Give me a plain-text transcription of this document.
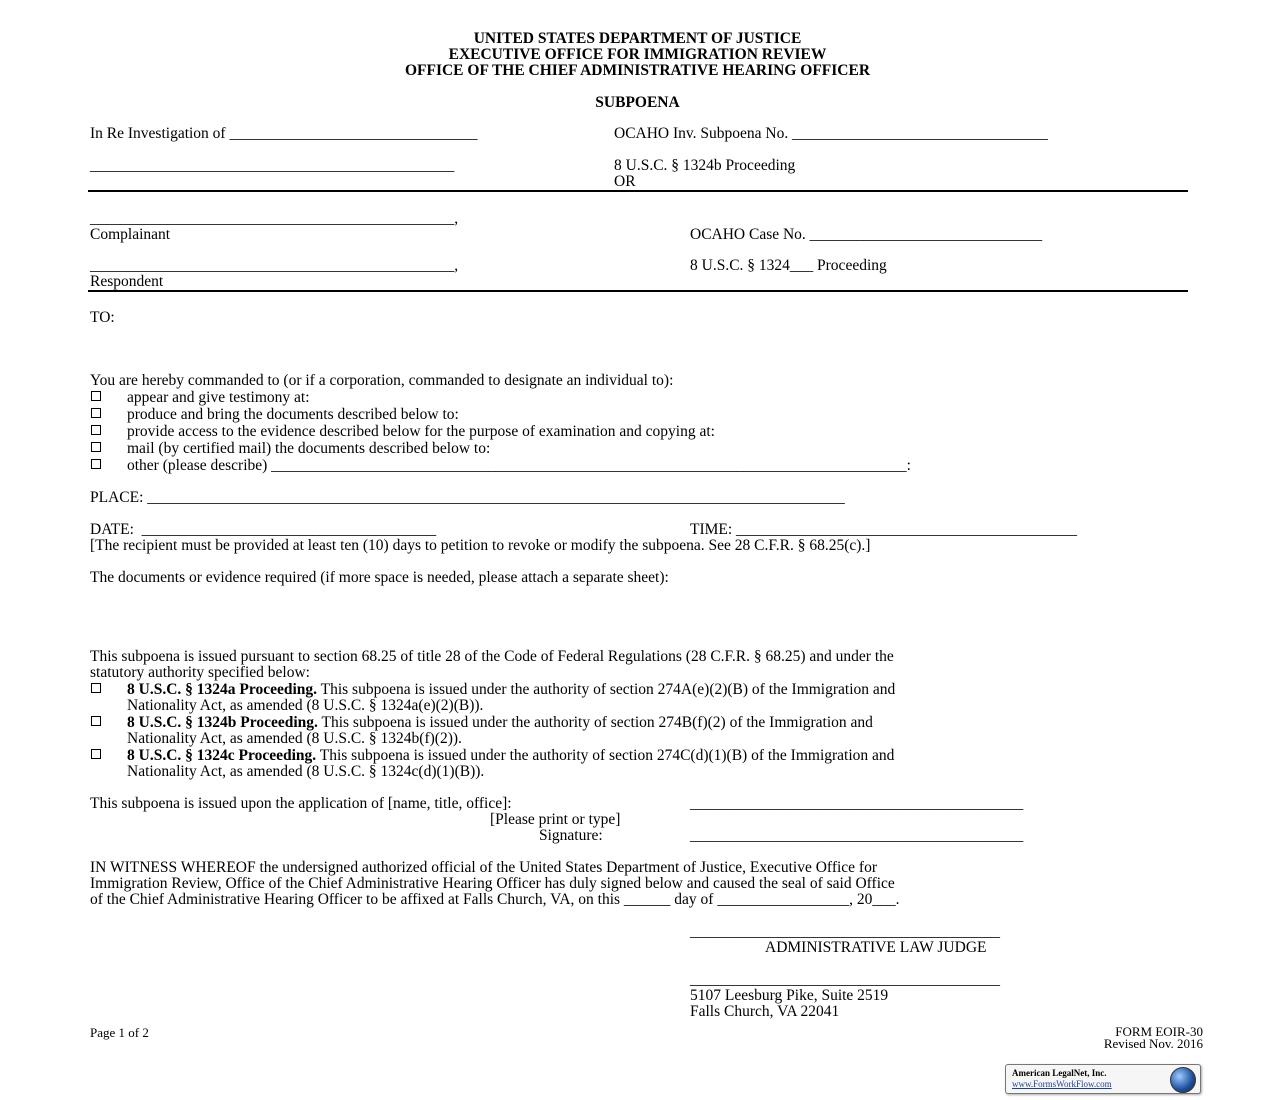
UNITED STATES DEPARTMENT OF JUSTICE
EXECUTIVE OFFICE FOR IMMIGRATION REVIEW
OFFICE OF THE CHIEF ADMINISTRATIVE HEARING OFFICER
SUBPOENA
In Re Investigation of ________________________________	OCAHO Inv. Subpoena No. _________________________________
_______________________________________________	8 U.S.C. § 1324b Proceeding
OR
_______________________________________________,
Complainant	OCAHO Case No. ______________________________
_______________________________________________,	8 U.S.C. § 1324___ Proceeding
Respondent
TO:
You are hereby commanded to (or if a corporation, commanded to designate an individual to):
appear and give testimony at:
produce and bring the documents described below to:
provide access to the evidence described below for the purpose of examination and copying at:
mail (by certified mail) the documents described below to:
other (please describe) __________________________________________________________________________________:
PLACE: __________________________________________________________________________________________
DATE:  ______________________________________	TIME: ____________________________________________
[The recipient must be provided at least ten (10) days to petition to revoke or modify the subpoena. See 28 C.F.R. § 68.25(c).]
The documents or evidence required (if more space is needed, please attach a separate sheet):
This subpoena is issued pursuant to section 68.25 of title 28 of the Code of Federal Regulations (28 C.F.R. § 68.25) and under the
statutory authority specified below:
8 U.S.C. § 1324a Proceeding. This subpoena is issued under the authority of section 274A(e)(2)(B) of the Immigration and
Nationality Act, as amended (8 U.S.C. § 1324a(e)(2)(B)).
8 U.S.C. § 1324b Proceeding. This subpoena is issued under the authority of section 274B(f)(2) of the Immigration and
Nationality Act, as amended (8 U.S.C. § 1324b(f)(2)).
8 U.S.C. § 1324c Proceeding. This subpoena is issued under the authority of section 274C(d)(1)(B) of the Immigration and
Nationality Act, as amended (8 U.S.C. § 1324c(d)(1)(B)).
This subpoena is issued upon the application of [name, title, office]:	___________________________________________
[Please print or type]
Signature:	___________________________________________
IN WITNESS WHEREOF the undersigned authorized official of the United States Department of Justice, Executive Office for
Immigration Review, Office of the Chief Administrative Hearing Officer has duly signed below and caused the seal of said Office
of the Chief Administrative Hearing Officer to be affixed at Falls Church, VA, on this ______ day of _________________, 20___.
________________________________________
ADMINISTRATIVE LAW JUDGE
________________________________________
5107 Leesburg Pike, Suite 2519
Falls Church, VA 22041
Page 1 of 2	FORM EOIR-30
Revised Nov. 2016
American LegalNet, Inc.
www.FormsWorkFlow.com
